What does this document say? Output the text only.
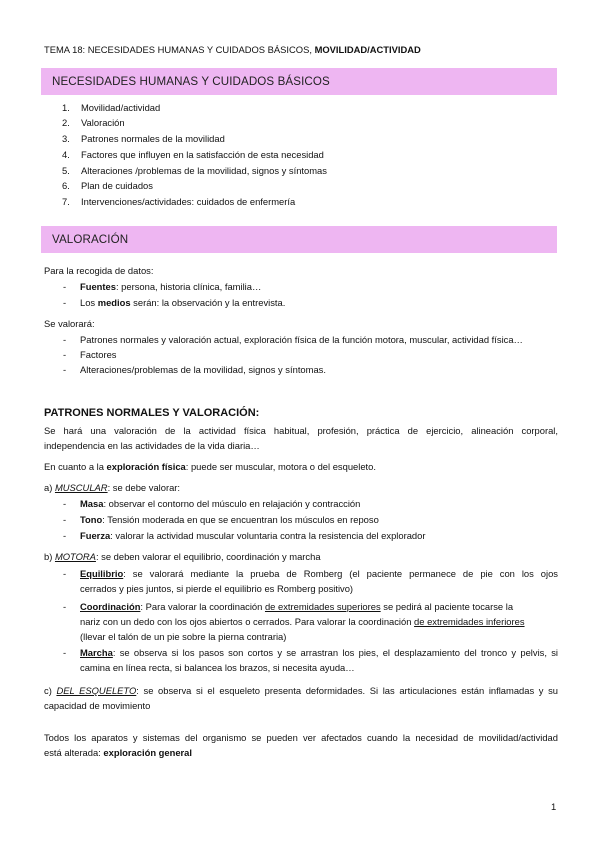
TEMA 18: NECESIDADES HUMANAS Y CUIDADOS BÁSICOS, MOVILIDAD/ACTIVIDAD
NECESIDADES HUMANAS Y CUIDADOS BÁSICOS
1. Movilidad/actividad
2. Valoración
3. Patrones normales de la movilidad
4. Factores que influyen en la satisfacción de esta necesidad
5. Alteraciones /problemas de la movilidad, signos y síntomas
6. Plan de cuidados
7. Intervenciones/actividades: cuidados de enfermería
VALORACIÓN
Para la recogida de datos:
- Fuentes: persona, historia clínica, familia…
- Los medios serán: la observación y la entrevista.
Se valorará:
- Patrones normales y valoración actual, exploración física de la función motora, muscular, actividad física…
- Factores
- Alteraciones/problemas de la movilidad, signos y síntomas.
PATRONES NORMALES Y VALORACIÓN:
Se hará una valoración de la actividad física habitual, profesión, práctica de ejercicio, alineación corporal,
independencia en las actividades de la vida diaria…
En cuanto a la exploración física: puede ser muscular, motora o del esqueleto.
a) MUSCULAR: se debe valorar:
- Masa: observar el contorno del músculo en relajación y contracción
- Tono: Tensión moderada en que se encuentran los músculos en reposo
- Fuerza: valorar la actividad muscular voluntaria contra la resistencia del explorador
b) MOTORA: se deben valorar el equilibrio, coordinación y marcha
- Equilibrio: se valorará mediante la prueba de Romberg (el paciente permanece de pie con los ojos
cerrados y pies juntos, si pierde el equilibrio es Romberg positivo)
- Coordinación: Para valorar la coordinación de extremidades superiores se pedirá al paciente tocarse la
nariz con un dedo con los ojos abiertos o cerrados. Para valorar la coordinación de extremidades inferiores
(llevar el talón de un pie sobre la pierna contraria)
- Marcha: se observa si los pasos son cortos y se arrastran los pies, el desplazamiento del tronco y pelvis, si
camina en línea recta, si balancea los brazos, si necesita ayuda…
c) DEL ESQUELETO: se observa si el esqueleto presenta deformidades. Si las articulaciones están inflamadas y su
capacidad de movimiento
Todos los aparatos y sistemas del organismo se pueden ver afectados cuando la necesidad de movilidad/actividad
está alterada: exploración general
1
